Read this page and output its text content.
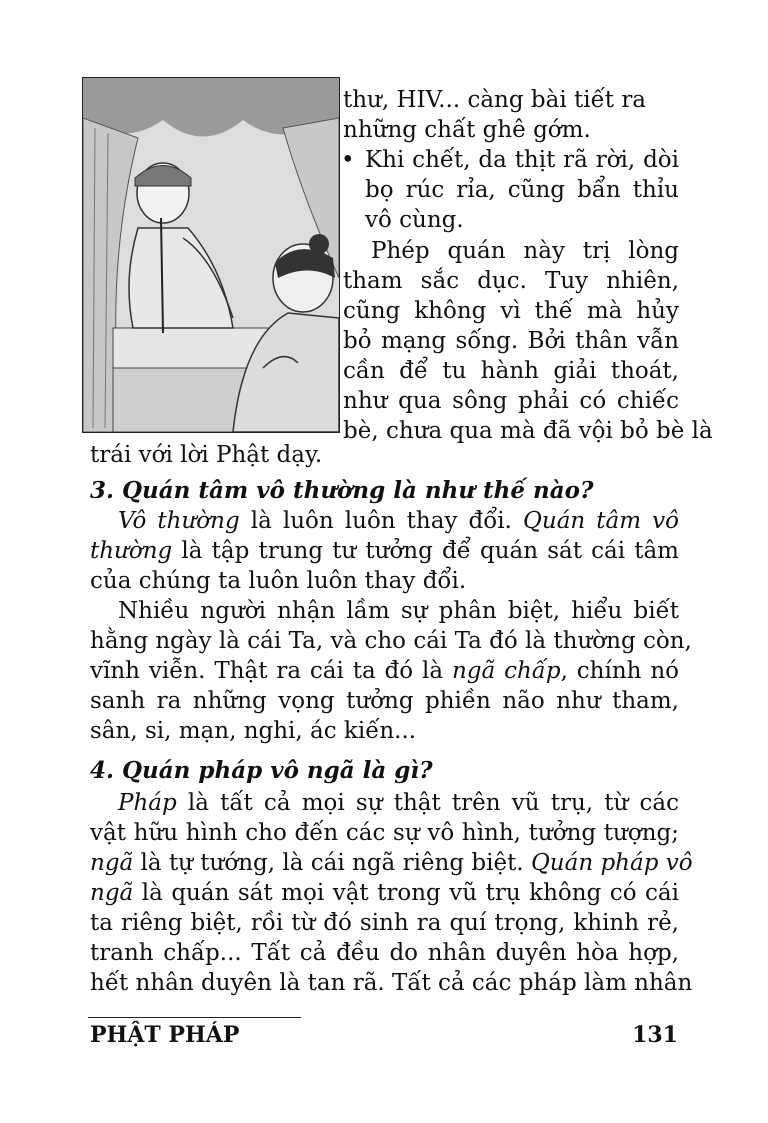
thư, HIV... càng bài tiết ra
những chất ghê gớm.
• Khi chết, da thịt rã rời, dòi
bọ rúc rỉa, cũng bẩn thỉu
vô cùng.
Phép quán này trị lòng
tham sắc dục. Tuy nhiên,
cũng không vì thế mà hủy
bỏ mạng sống. Bởi thân vẫn
cần để tu hành giải thoát,
như qua sông phải có chiếc
bè, chưa qua mà đã vội bỏ bè là
trái với lời Phật dạy.
3. Quán tâm vô thường là như thế nào?
Vô thường là luôn luôn thay đổi. Quán tâm vô
thường là tập trung tư tưởng để quán sát cái tâm
của chúng ta luôn luôn thay đổi.
Nhiều người nhận lầm sự phân biệt, hiểu biết
hằng ngày là cái Ta, và cho cái Ta đó là thường còn,
vĩnh viễn. Thật ra cái ta đó là ngã chấp, chính nó
sanh ra những vọng tưởng phiền não như tham,
sân, si, mạn, nghi, ác kiến...
4. Quán pháp vô ngã là gì?
Pháp là tất cả mọi sự thật trên vũ trụ, từ các
vật hữu hình cho đến các sự vô hình, tưởng tượng;
ngã là tự tướng, là cái ngã riêng biệt. Quán pháp vô
ngã là quán sát mọi vật trong vũ trụ không có cái
ta riêng biệt, rồi từ đó sinh ra quí trọng, khinh rẻ,
tranh chấp... Tất cả đều do nhân duyên hòa hợp,
hết nhân duyên là tan rã. Tất cả các pháp làm nhân
PHẬT PHÁP	131
